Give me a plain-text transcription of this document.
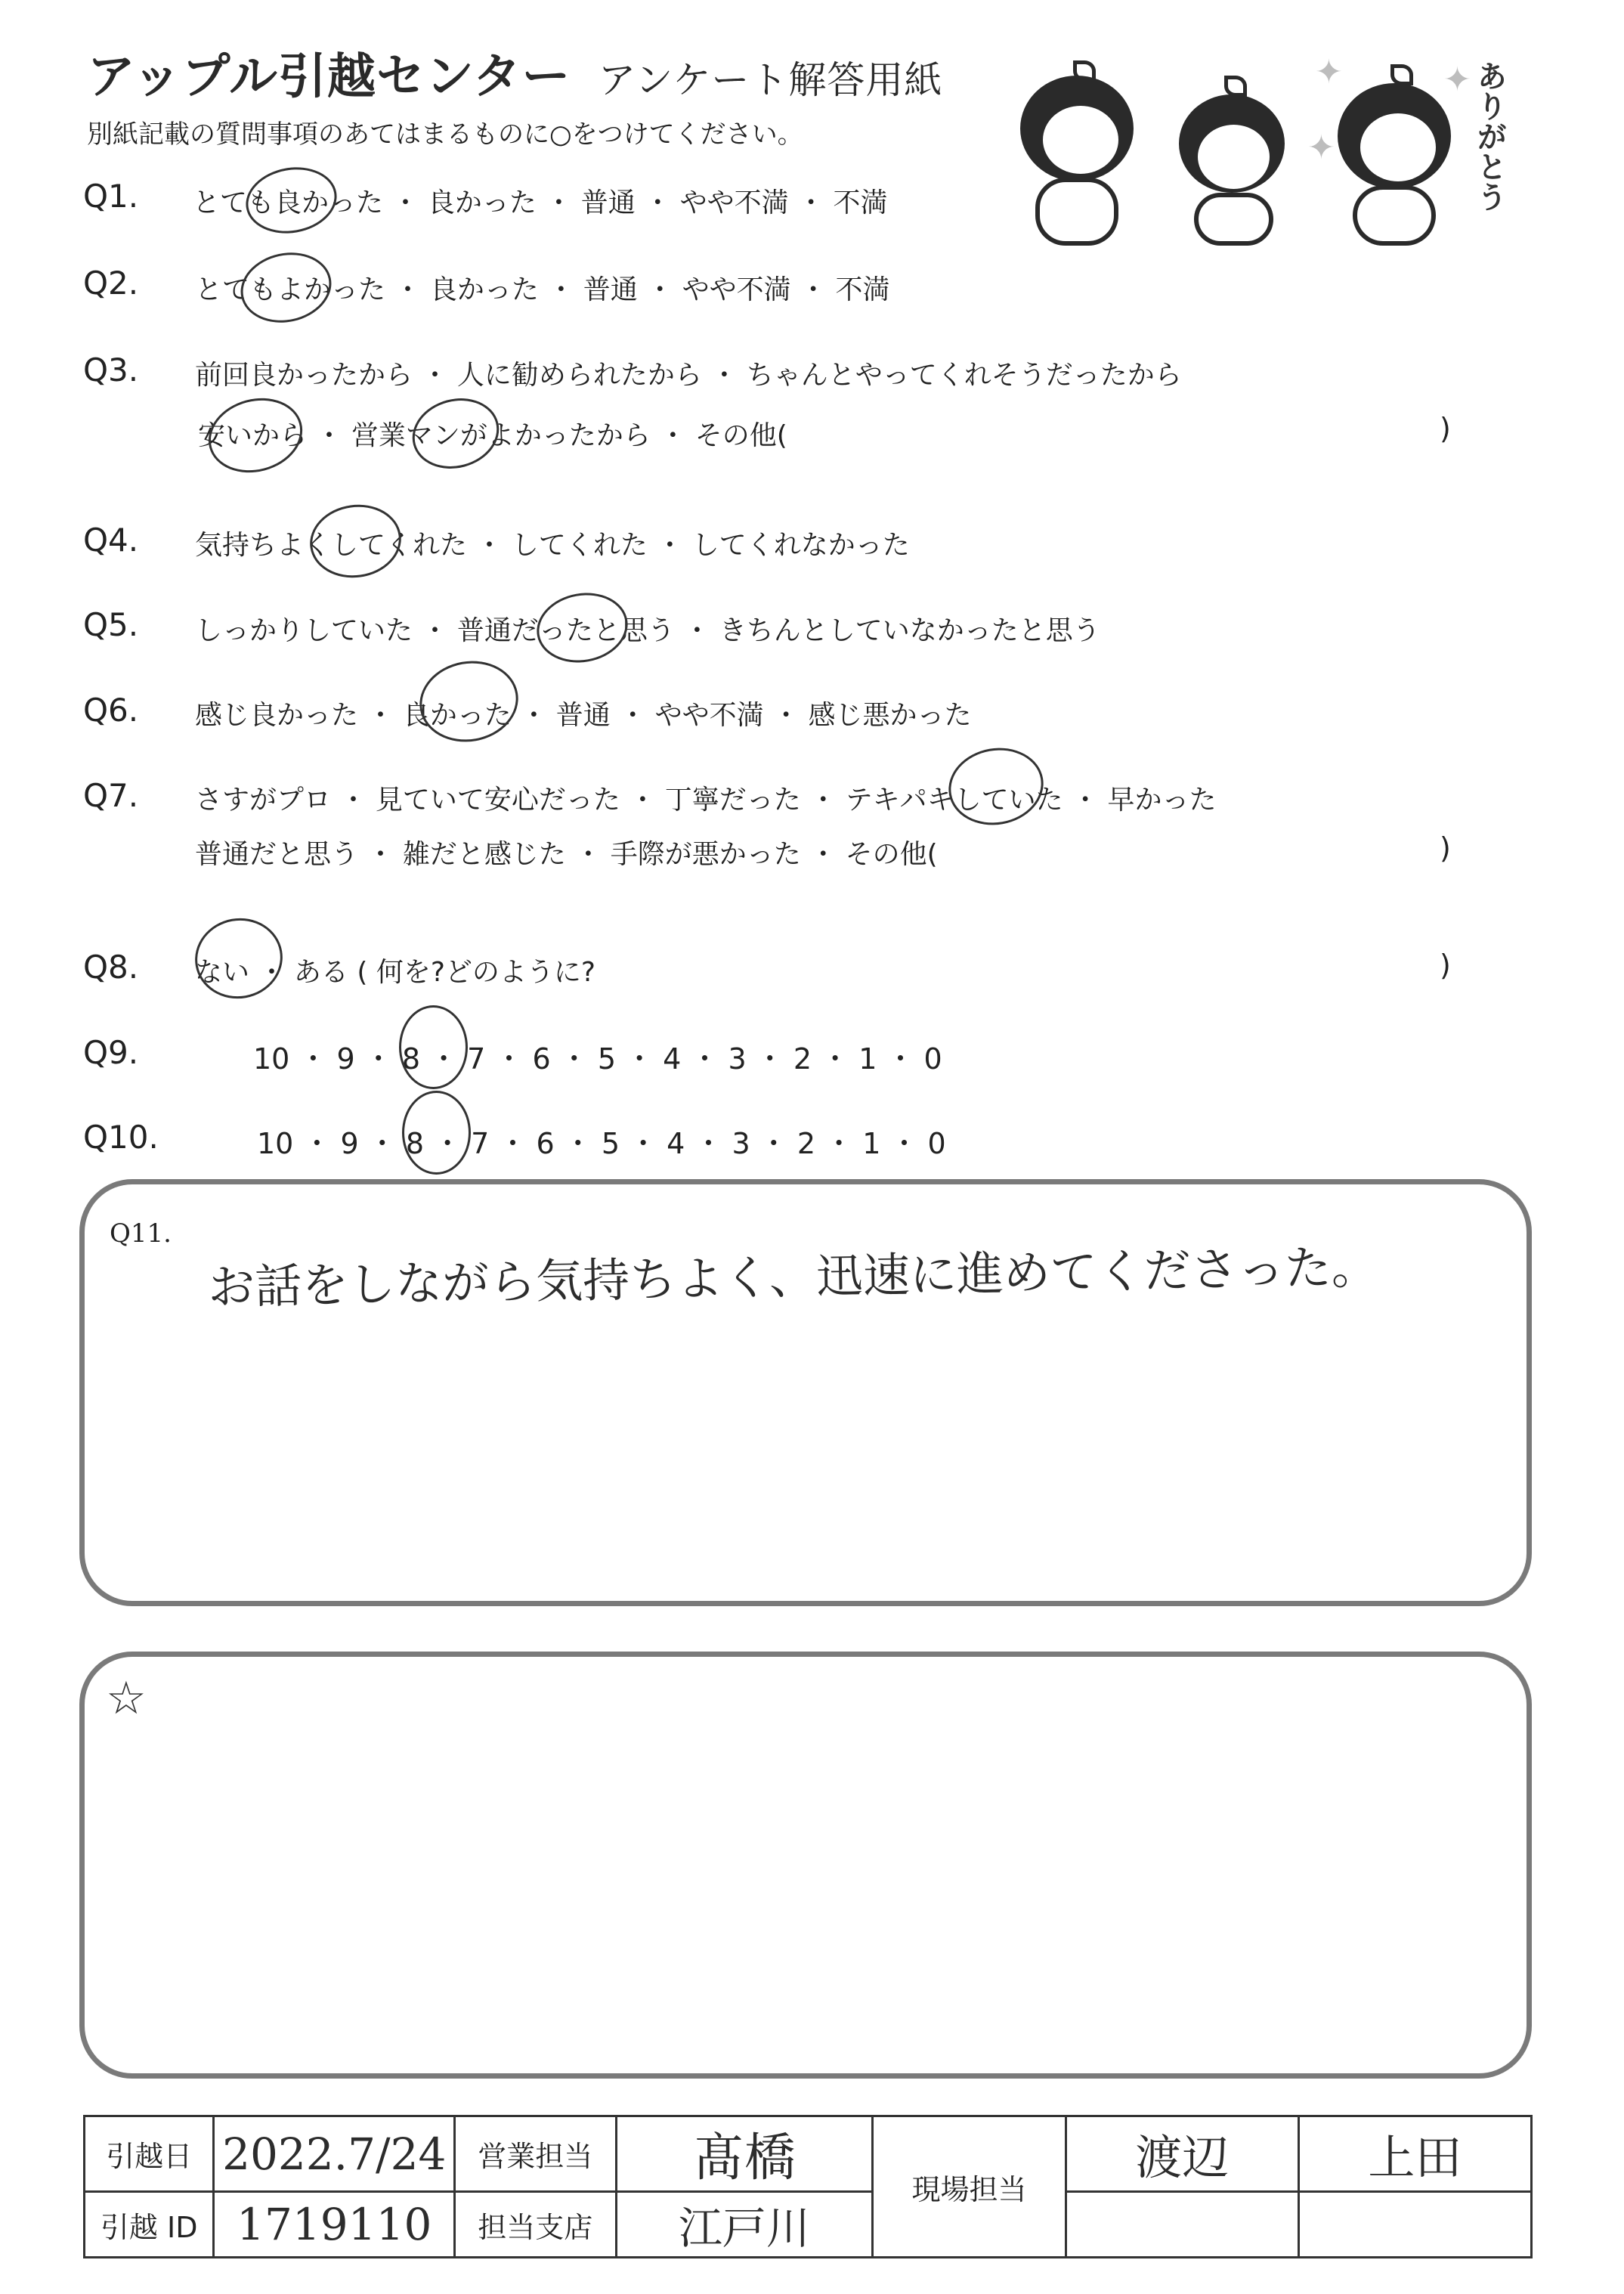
アップル引越センター アンケート解答用紙
別紙記載の質問事項のあてはまるものに○をつけてください。
✦
✦
✦ ありがとう
Q1. とても良かった ・ 良かった ・ 普通 ・ やや不満 ・ 不満
Q2. とてもよかった ・ 良かった ・ 普通 ・ やや不満 ・ 不満
Q3. 前回良かったから ・ 人に勧められたから ・ ちゃんとやってくれそうだったから
安いから ・ 営業マンがよかったから ・ その他(	)
Q4. 気持ちよくしてくれた ・ してくれた ・ してくれなかった
Q5. しっかりしていた ・ 普通だったと思う ・ きちんとしていなかったと思う
Q6. 感じ良かった ・ 良かった ・ 普通 ・ やや不満 ・ 感じ悪かった
Q7. さすがプロ ・ 見ていて安心だった ・ 丁寧だった ・ テキパキしていた ・ 早かった
普通だと思う ・ 雑だと感じた ・ 手際が悪かった ・ その他(	)
Q8. ない ・ ある ( 何を?どのように?	)
Q9.	10 ・ 9 ・ 8 ・ 7 ・ 6 ・ 5 ・ 4 ・ 3 ・ 2 ・ 1 ・ 0
Q10.	10 ・ 9 ・ 8 ・ 7 ・ 6 ・ 5 ・ 4 ・ 3 ・ 2 ・ 1 ・ 0
Q11.
お話をしながら気持ちよく、迅速に進めてくださった。
☆
引越日	2022.7/24	営業担当	髙橋	現場担当	渡辺	上田
引越 ID	1719110	担当支店	江戸川			
